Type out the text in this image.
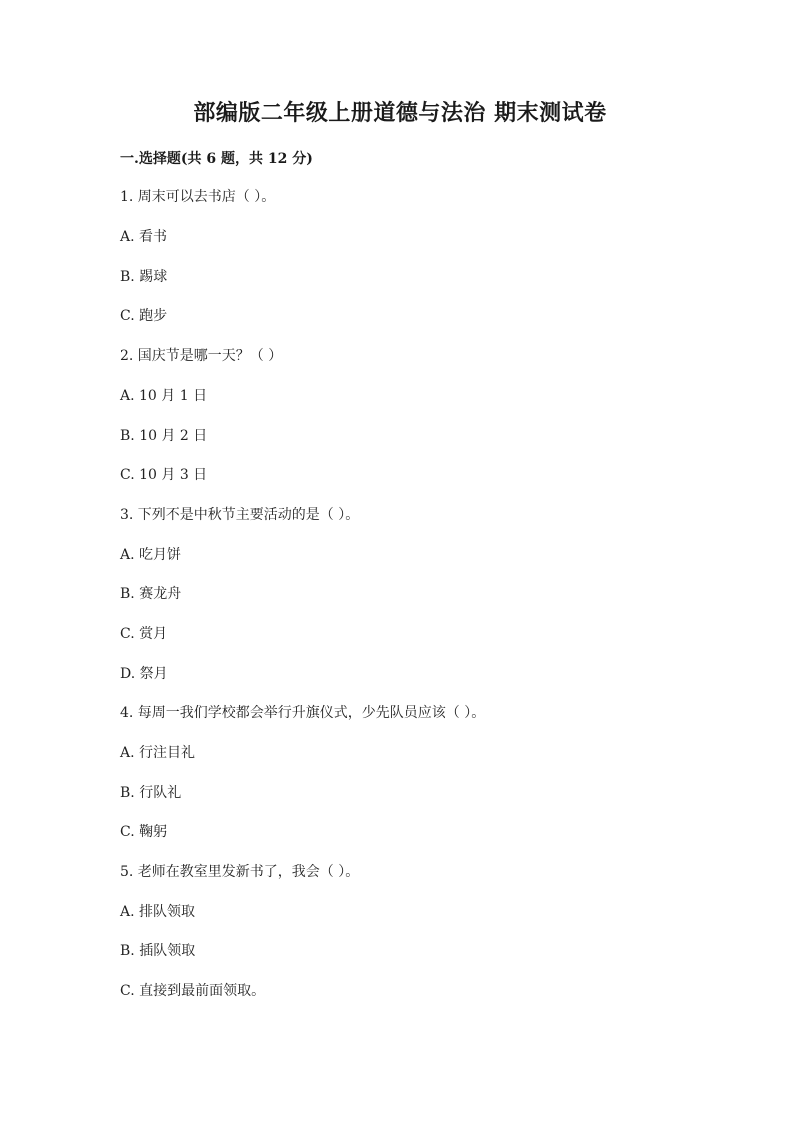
部编版二年级上册道德与法治 期末测试卷
一.选择题(共 6 题，共 12 分)
1. 周末可以去书店（ ）。
A. 看书
B. 踢球
C. 跑步
2. 国庆节是哪一天？（ ）
A. 10 月 1 日
B. 10 月 2 日
C. 10 月 3 日
3. 下列不是中秋节主要活动的是（ ）。
A. 吃月饼
B. 赛龙舟
C. 赏月
D. 祭月
4. 每周一我们学校都会举行升旗仪式，少先队员应该（ ）。
A. 行注目礼
B. 行队礼
C. 鞠躬
5. 老师在教室里发新书了，我会（ ）。
A. 排队领取
B. 插队领取
C. 直接到最前面领取。
